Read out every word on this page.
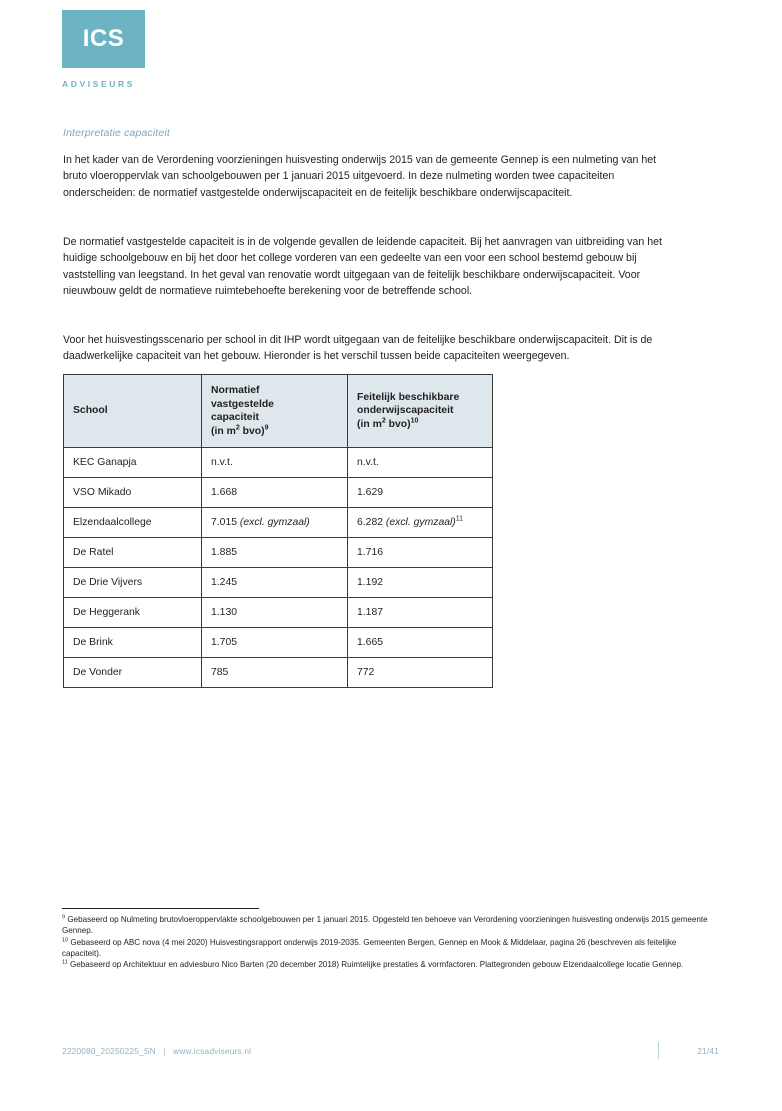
ICS
ADVISEURS
Interpretatie capaciteit
In het kader van de Verordening voorzieningen huisvesting onderwijs 2015 van de gemeente Gennep is een nulmeting van het bruto vloeroppervlak van schoolgebouwen per 1 januari 2015 uitgevoerd. In deze nulmeting worden twee capaciteiten onderscheiden: de normatief vastgestelde onderwijscapaciteit en de feitelijk beschikbare onderwijscapaciteit.
De normatief vastgestelde capaciteit is in de volgende gevallen de leidende capaciteit. Bij het aanvragen van uitbreiding van het huidige schoolgebouw en bij het door het college vorderen van een gedeelte van een voor een school bestemd gebouw bij vaststelling van leegstand. In het geval van renovatie wordt uitgegaan van de feitelijk beschikbare onderwijscapaciteit. Voor nieuwbouw geldt de normatieve ruimtebehoefte berekening voor de betreffende school.
Voor het huisvestingsscenario per school in dit IHP wordt uitgegaan van de feitelijke beschikbare onderwijscapaciteit. Dit is de daadwerkelijke capaciteit van het gebouw. Hieronder is het verschil tussen beide capaciteiten weergegeven.
School	Normatief
vastgestelde
capaciteit
(in $m^2$ bvo)$^9$	Feitelijk beschikbare
onderwijscapaciteit
(in $m^2$ bvo)$^{10}$
KEC Ganapja	n.v.t.	n.v.t.
VSO Mikado	1.668	1.629
Elzendaalcollege	7.015 (excl. gymzaal)	6.282 (excl. gymzaal)$^{11}$
De Ratel	1.885	1.716
De Drie Vijvers	1.245	1.192
De Heggerank	1.130	1.187
De Brink	1.705	1.665
De Vonder	785	772

$^9$ Gebaseerd op Nulmeting brutovloeroppervlakte schoolgebouwen per 1 januari 2015. Opgesteld ten behoeve van Verordening voorzieningen huisvesting onderwijs 2015 gemeente Gennep.

$^{10}$ Gebaseerd op ABC nova (4 mei 2020) Huisvestingsrapport onderwijs 2019-2035. Gemeenten Bergen, Gennep en Mook & Middelaar, pagina 26 (beschreven als feitelijke capaciteit).

$^{11}$ Gebaseerd op Architektuur en adviesburo Nico Barten (20 december 2018) Ruimtelijke prestaties & vormfactoren. Plattegronden gebouw Elzendaalcollege locatie Gennep.

2220080_20250225_SN   |   www.icsadviseurs.nl	21/41
